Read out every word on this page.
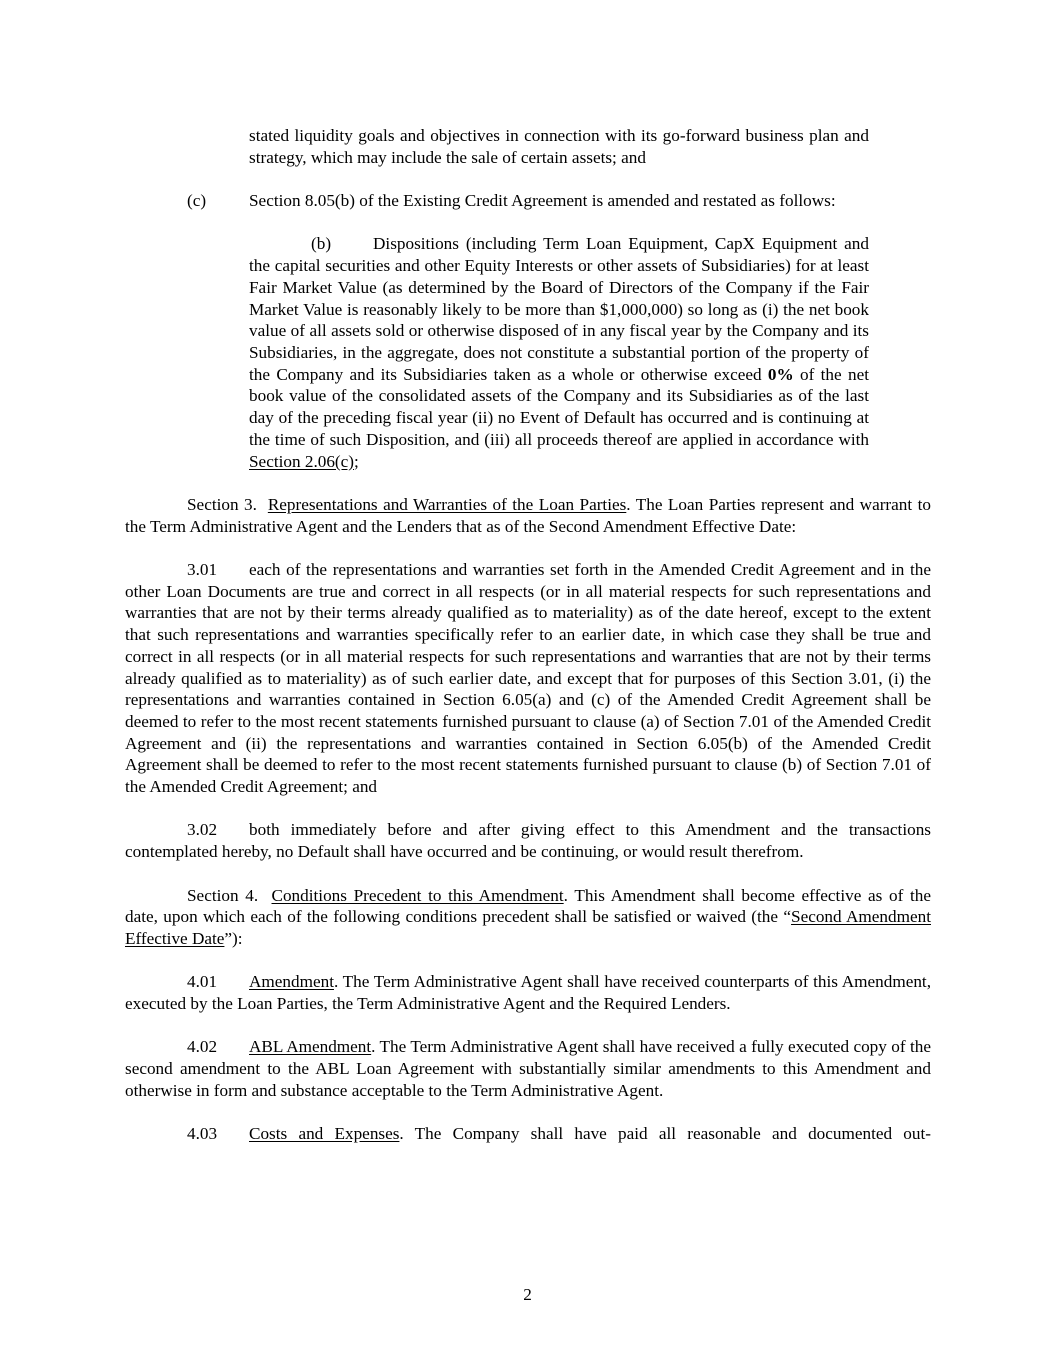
stated liquidity goals and objectives in connection with its go-forward business plan and strategy, which may include the sale of certain assets; and

(c) Section 8.05(b) of the Existing Credit Agreement is amended and restated as follows:

(b) Dispositions (including Term Loan Equipment, CapX Equipment and the capital securities and other Equity Interests or other assets of Subsidiaries) for at least Fair Market Value (as determined by the Board of Directors of the Company if the Fair Market Value is reasonably likely to be more than $1,000,000) so long as (i) the net book value of all assets sold or otherwise disposed of in any fiscal year by the Company and its Subsidiaries, in the aggregate, does not constitute a substantial portion of the property of the Company and its Subsidiaries taken as a whole or otherwise exceed 0% of the net book value of the consolidated assets of the Company and its Subsidiaries as of the last day of the preceding fiscal year (ii) no Event of Default has occurred and is continuing at the time of such Disposition, and (iii) all proceeds thereof are applied in accordance with Section 2.06(c);

Section 3.  Representations and Warranties of the Loan Parties. The Loan Parties represent and warrant to the Term Administrative Agent and the Lenders that as of the Second Amendment Effective Date:

3.01 each of the representations and warranties set forth in the Amended Credit Agreement and in the other Loan Documents are true and correct in all respects (or in all material respects for such representations and warranties that are not by their terms already qualified as to materiality) as of the date hereof, except to the extent that such representations and warranties specifically refer to an earlier date, in which case they shall be true and correct in all respects (or in all material respects for such representations and warranties that are not by their terms already qualified as to materiality) as of such earlier date, and except that for purposes of this Section 3.01, (i) the representations and warranties contained in Section 6.05(a) and (c) of the Amended Credit Agreement shall be deemed to refer to the most recent statements furnished pursuant to clause (a) of Section 7.01 of the Amended Credit Agreement and (ii) the representations and warranties contained in Section 6.05(b) of the Amended Credit Agreement shall be deemed to refer to the most recent statements furnished pursuant to clause (b) of Section 7.01 of the Amended Credit Agreement; and

3.02 both immediately before and after giving effect to this Amendment and the transactions contemplated hereby, no Default shall have occurred and be continuing, or would result therefrom.

Section 4.  Conditions Precedent to this Amendment. This Amendment shall become effective as of the date, upon which each of the following conditions precedent shall be satisfied or waived (the “Second Amendment Effective Date”):

4.01 Amendment. The Term Administrative Agent shall have received counterparts of this Amendment, executed by the Loan Parties, the Term Administrative Agent and the Required Lenders.

4.02 ABL Amendment. The Term Administrative Agent shall have received a fully executed copy of the second amendment to the ABL Loan Agreement with substantially similar amendments to this Amendment and otherwise in form and substance acceptable to the Term Administrative Agent.

4.03 Costs and Expenses. The Company shall have paid all reasonable and documented out-

2
